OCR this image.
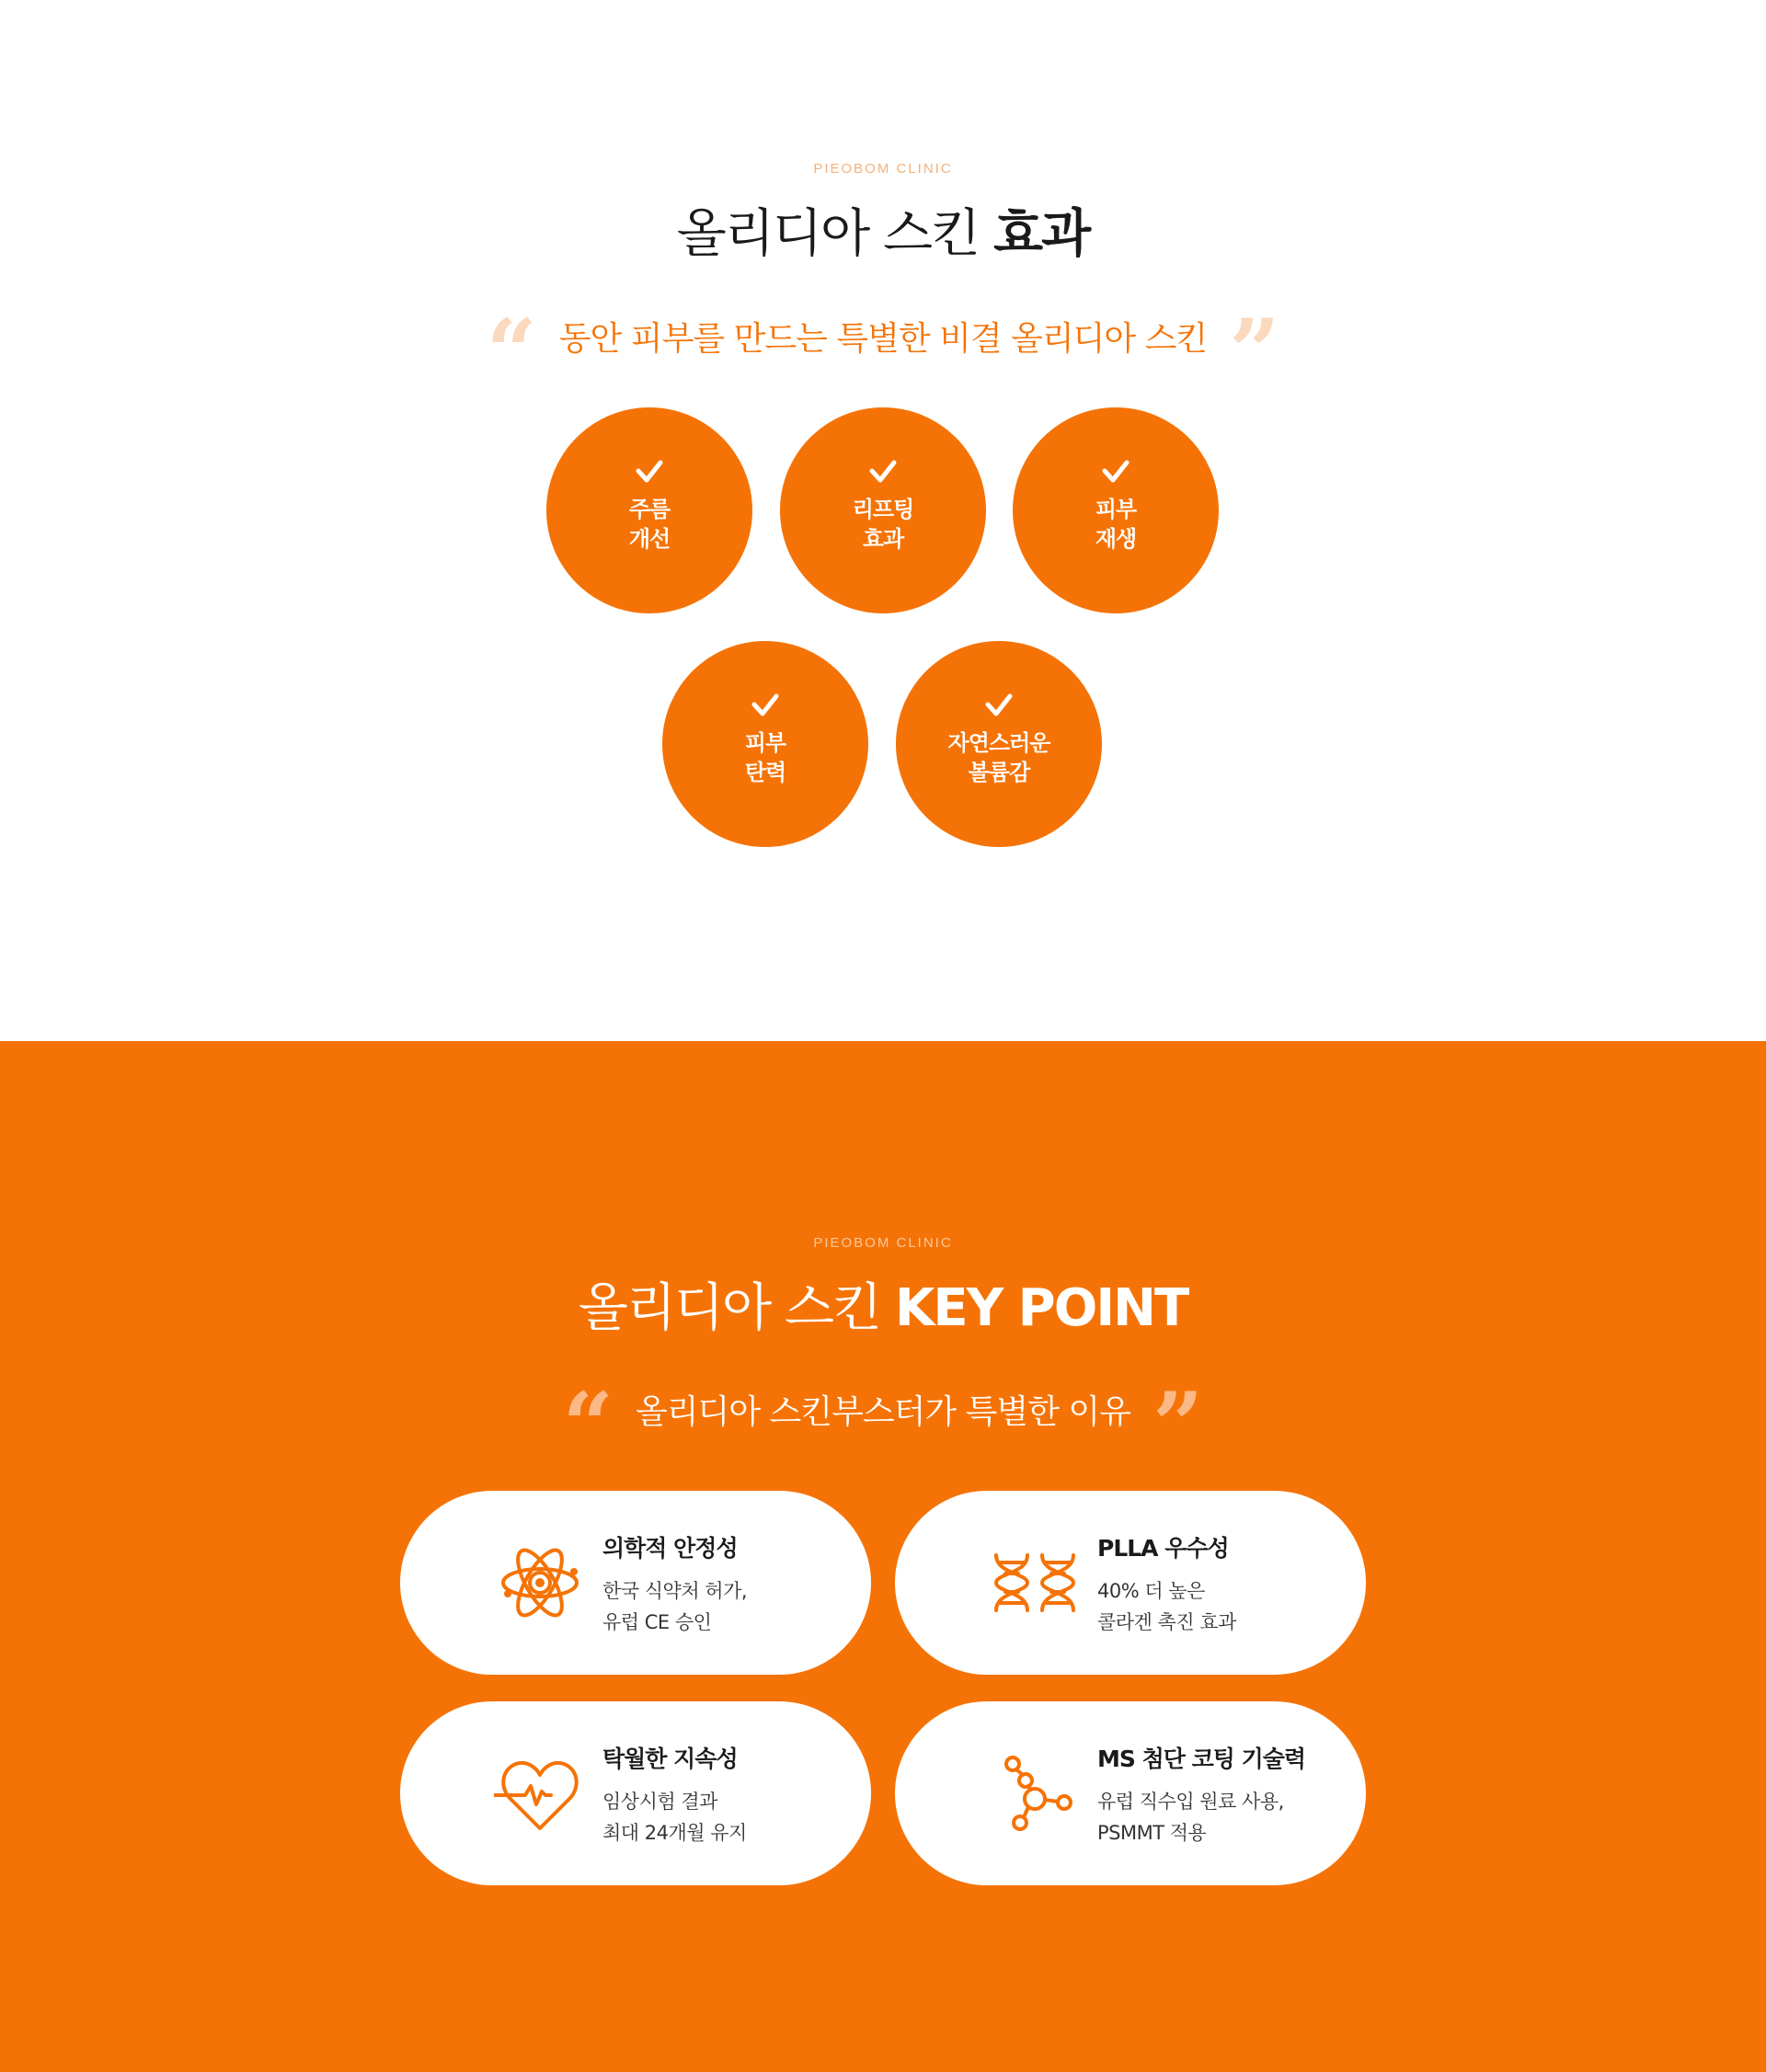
PIEOBOM CLINIC
올리디아 스킨 효과
“ 동안 피부를 만드는 특별한 비결 올리디아 스킨 ”
주름
개선
리프팅
효과
피부
재생
피부
탄력
자연스러운
볼륨감
PIEOBOM CLINIC
올리디아 스킨 KEY POINT
“ 올리디아 스킨부스터가 특별한 이유 ”
의학적 안정성
한국 식약처 허가,
유럽 CE 승인
PLLA 우수성
40% 더 높은
콜라겐 촉진 효과
탁월한 지속성
임상시험 결과
최대 24개월 유지
MS 첨단 코팅 기술력
유럽 직수입 원료 사용,
PSMMT 적용
